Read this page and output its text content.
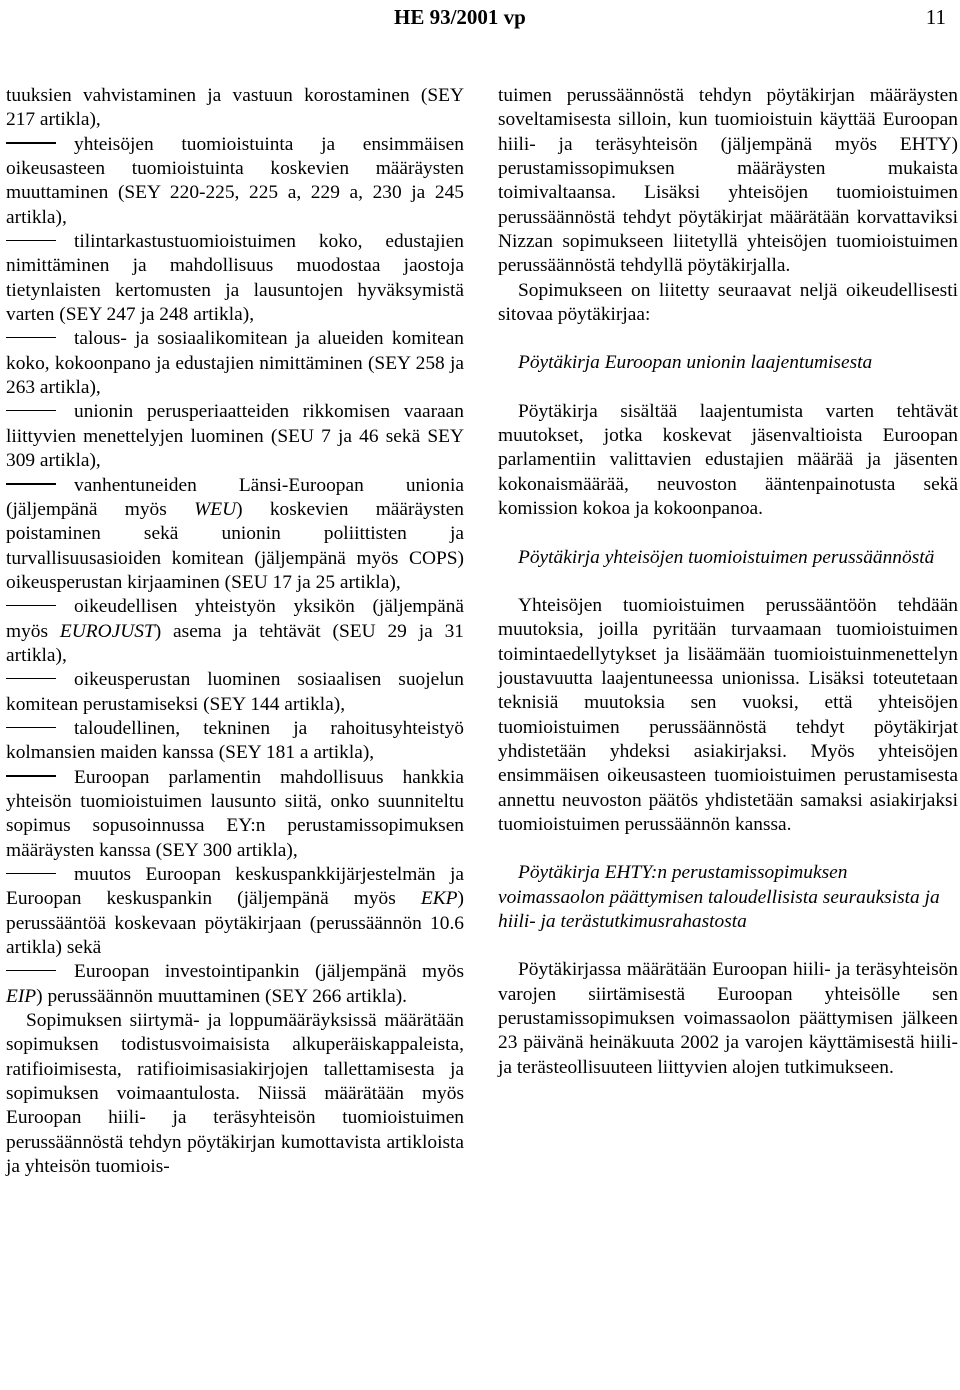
HE 93/2001 vp	11

tuuksien vahvistaminen ja vastuun korostaminen (SEY 217 artikla),

yhteisöjen tuomioistuinta ja ensimmäisen oikeusasteen tuomioistuinta koskevien määräysten muuttaminen (SEY 220-225, 225 a, 229 a, 230 ja 245 artikla),

tilintarkastustuomioistuimen koko, edustajien nimittäminen ja mahdollisuus muodostaa jaostoja tietynlaisten kertomusten ja lausuntojen hyväksymistä varten (SEY 247 ja 248 artikla),

talous- ja sosiaalikomitean ja alueiden komitean koko, kokoonpano ja edustajien nimittäminen (SEY 258 ja 263 artikla),

unionin perusperiaatteiden rikkomisen vaaraan liittyvien menettelyjen luominen (SEU 7 ja 46 sekä SEY 309 artikla),

vanhentuneiden Länsi-Euroopan unionia (jäljempänä myös WEU) koskevien määräysten poistaminen sekä unionin poliittisten ja turvallisuusasioiden komitean (jäljempänä myös COPS) oikeusperustan kirjaaminen (SEU 17 ja 25 artikla),

oikeudellisen yhteistyön yksikön (jäljempänä myös EUROJUST) asema ja tehtävät (SEU 29 ja 31 artikla),

oikeusperustan luominen sosiaalisen suojelun komitean perustamiseksi (SEY 144 artikla),

taloudellinen, tekninen ja rahoitusyhteistyö kolmansien maiden kanssa (SEY 181 a artikla),

Euroopan parlamentin mahdollisuus hankkia yhteisön tuomioistuimen lausunto siitä, onko suunniteltu sopimus sopusoinnussa EY:n perustamissopimuksen määräysten kanssa (SEY 300 artikla),

muutos Euroopan keskuspankkijärjestelmän ja Euroopan keskuspankin (jäljempänä myös EKP) perussääntöä koskevaan pöytäkirjaan (perussäännön 10.6 artikla) sekä

Euroopan investointipankin (jäljempänä myös EIP) perussäännön muuttaminen (SEY 266 artikla).

Sopimuksen siirtymä- ja loppumääräyksissä määrätään sopimuksen todistusvoimaisista alkuperäiskappaleista, ratifioimisesta, ratifioimisasiakirjojen tallettamisesta ja sopimuksen voimaantulosta. Niissä määrätään myös Euroopan hiili- ja teräsyhteisön tuomioistuimen perussäännöstä tehdyn pöytäkirjan kumottavista artikloista ja yhteisön tuomiois-

tuimen perussäännöstä tehdyn pöytäkirjan määräysten soveltamisesta silloin, kun tuomioistuin käyttää Euroopan hiili- ja teräsyhteisön (jäljempänä myös EHTY) perustamissopimuksen määräysten mukaista toimivaltaansa. Lisäksi yhteisöjen tuomioistuimen perussäännöstä tehdyt pöytäkirjat määrätään korvattaviksi Nizzan sopimukseen liitetyllä yhteisöjen tuomioistuimen perussäännöstä tehdyllä pöytäkirjalla.

Sopimukseen on liitetty seuraavat neljä oikeudellisesti sitovaa pöytäkirjaa:

Pöytäkirja Euroopan unionin laajentumisesta

Pöytäkirja sisältää laajentumista varten tehtävät muutokset, jotka koskevat jäsenvaltioista Euroopan parlamentiin valittavien edustajien määrää ja jäsenten kokonaismäärää, neuvoston ääntenpainotusta sekä komission kokoa ja kokoonpanoa.

Pöytäkirja yhteisöjen tuomioistuimen perussäännöstä

Yhteisöjen tuomioistuimen perussääntöön tehdään muutoksia, joilla pyritään turvaamaan tuomioistuimen toimintaedellytykset ja lisäämään tuomioistuinmenettelyn joustavuutta laajentuneessa unionissa. Lisäksi toteutetaan teknisiä muutoksia sen vuoksi, että yhteisöjen tuomioistuimen perussäännöstä tehdyt pöytäkirjat yhdistetään yhdeksi asiakirjaksi. Myös yhteisöjen ensimmäisen oikeusasteen tuomioistuimen perustamisesta annettu neuvoston päätös yhdistetään samaksi asiakirjaksi tuomioistuimen perussäännön kanssa.

Pöytäkirja EHTY:n perustamissopimuksen voimassaolon päättymisen taloudellisista seurauksista ja hiili- ja terästutkimusrahastosta

Pöytäkirjassa määrätään Euroopan hiili- ja teräsyhteisön varojen siirtämisestä Euroopan yhteisölle sen perustamissopimuksen voimassaolon päättymisen jälkeen 23 päivänä heinäkuuta 2002 ja varojen käyttämisestä hiili- ja terästeollisuuteen liittyvien alojen tutkimukseen.
